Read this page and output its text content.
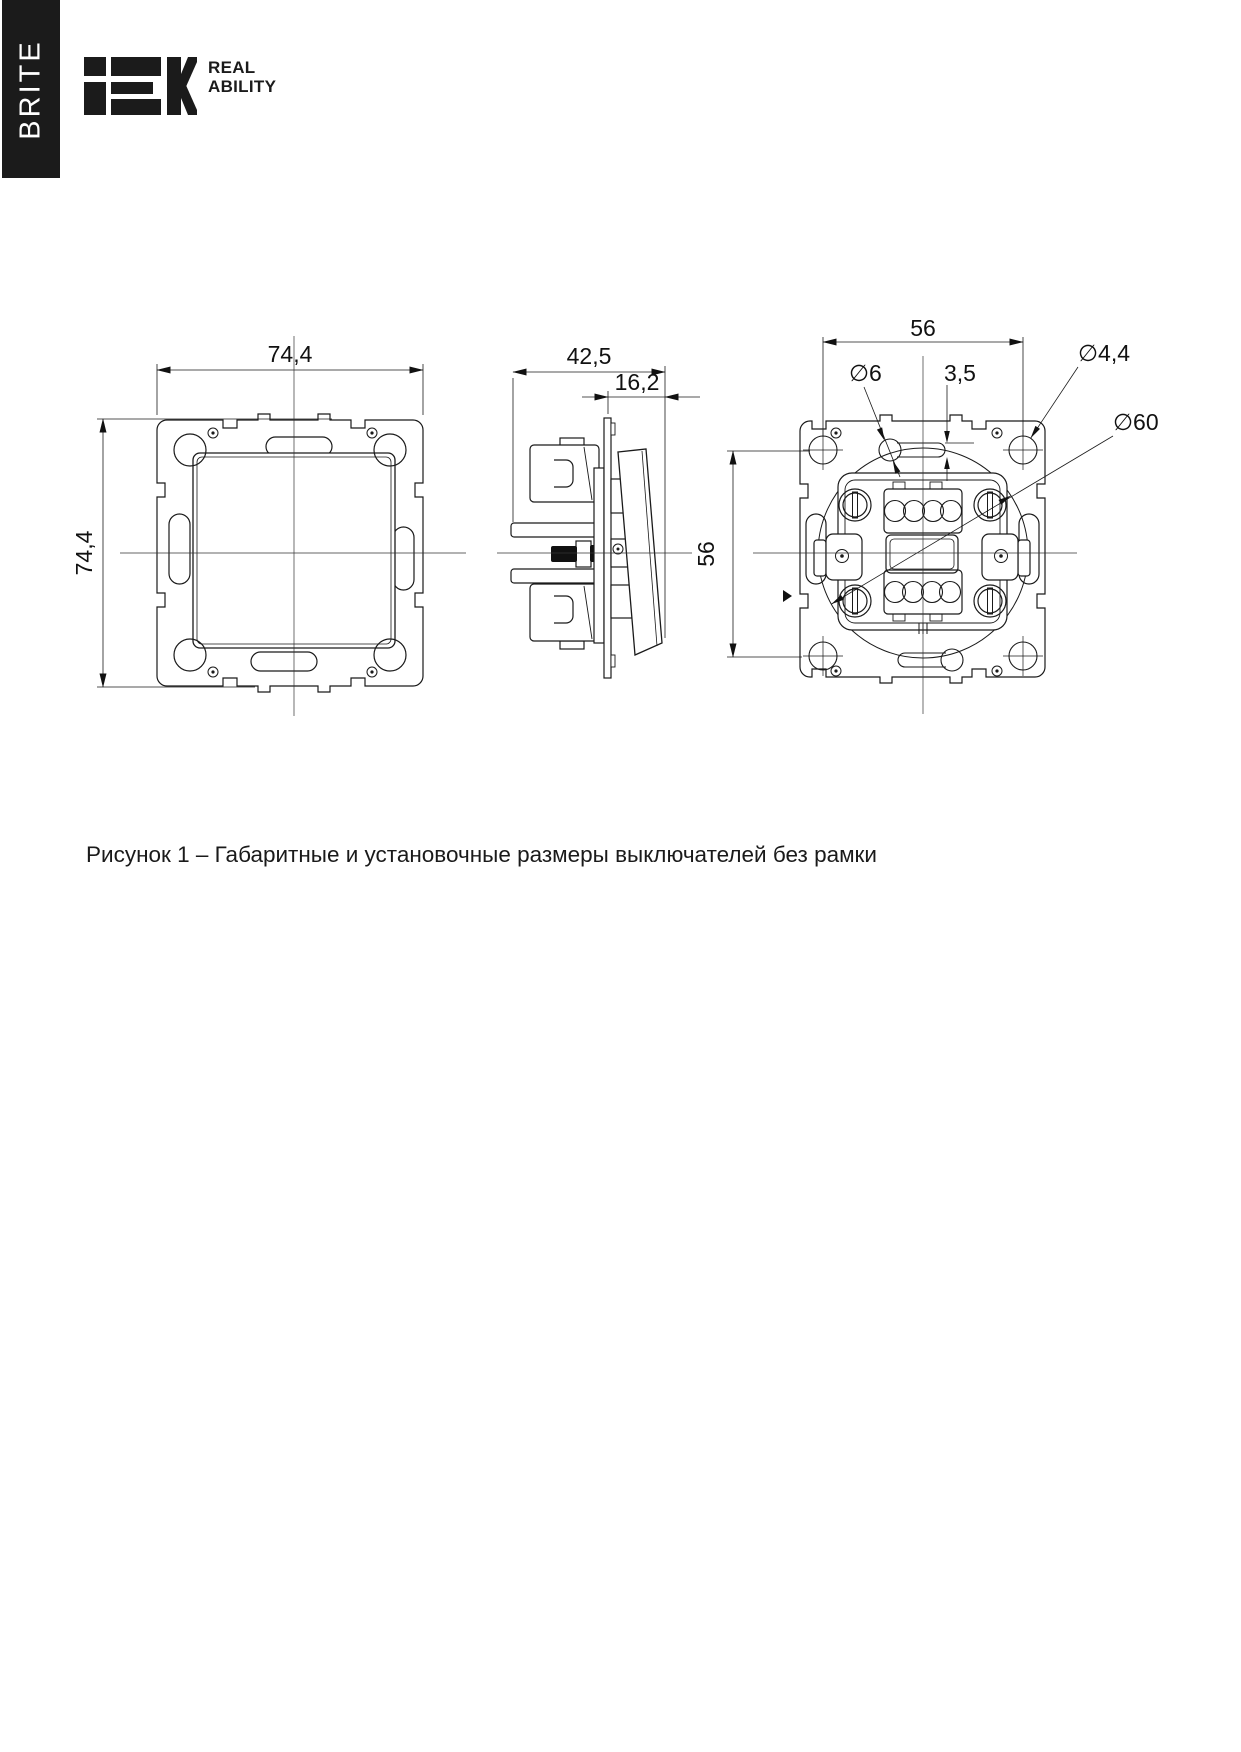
BRITE	REAL
ABILITY
74,4
74,4
42,5
16,2
56
56
∅6	3,5
∅4,4
∅60
Рисунок 1 – Габаритные и установочные размеры выключателей без рамки
